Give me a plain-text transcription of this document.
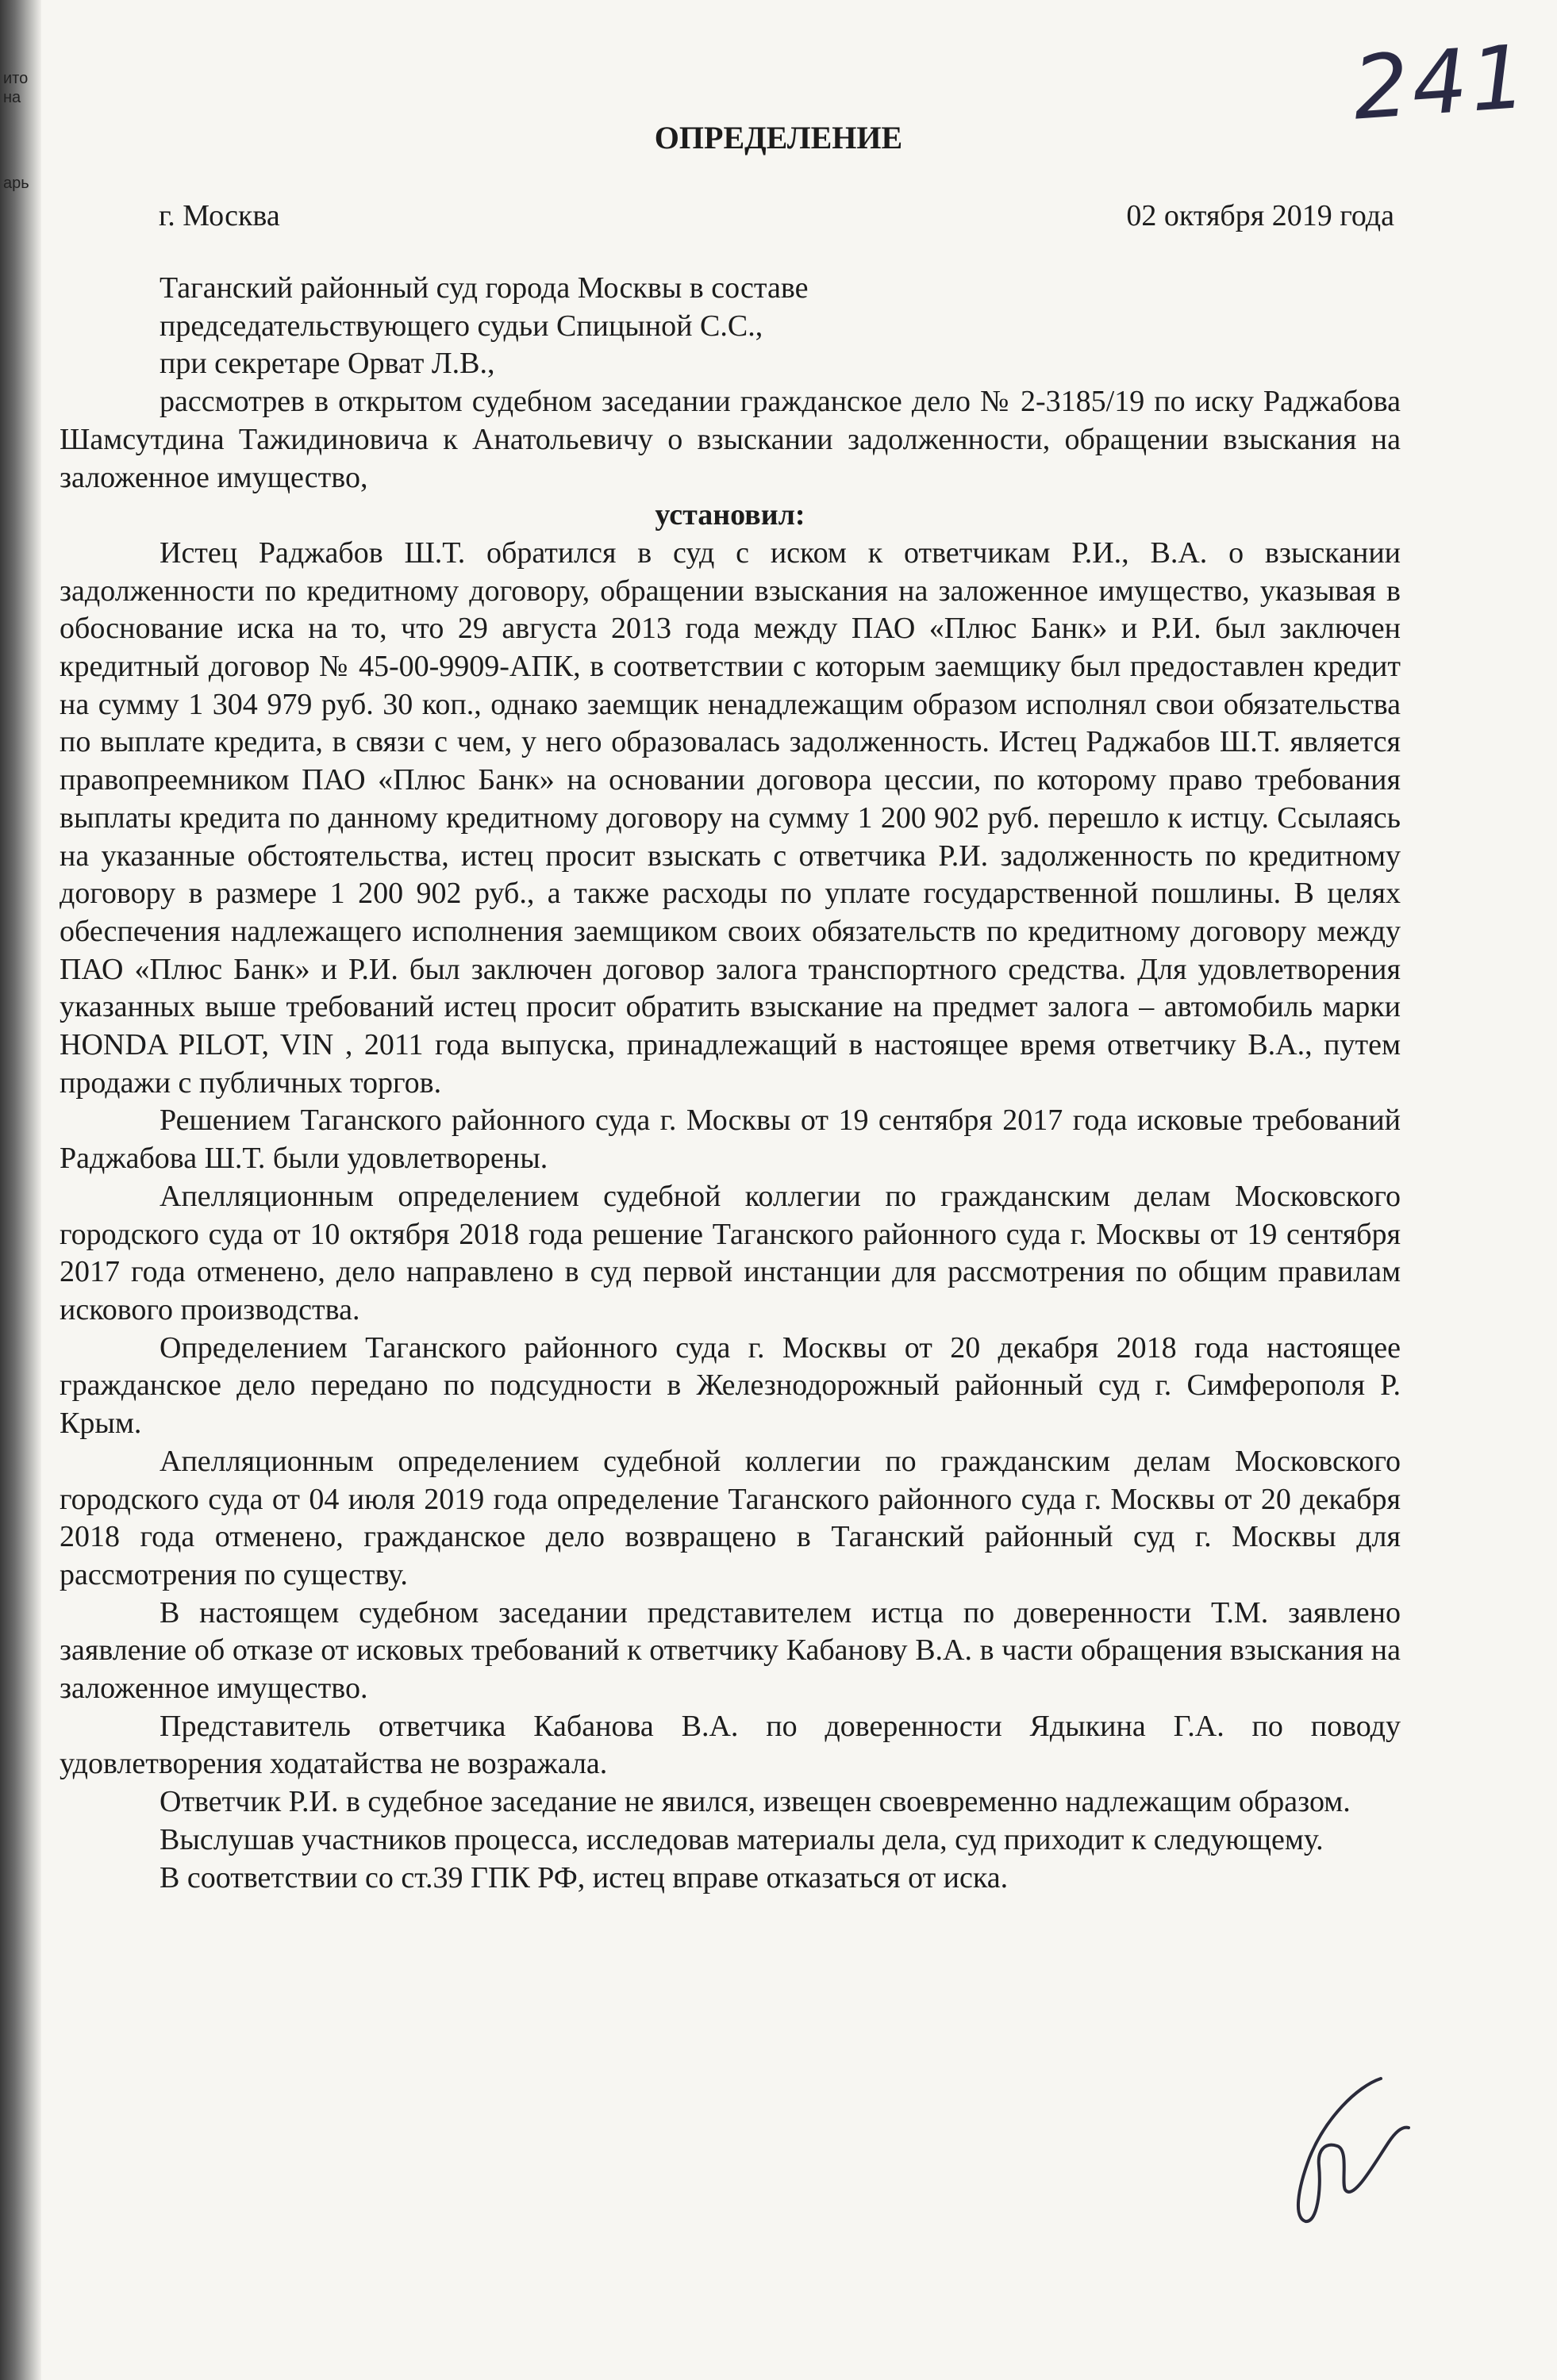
ито
на
арь
241
ОПРЕДЕЛЕНИЕ
г. Москва	02 октября 2019 года

Таганский районный суд города Москвы в составе

председательствующего судьи Спицыной С.С.,

при секретаре Орват Л.В.,

рассмотрев в открытом судебном заседании гражданское дело № 2-3185/19 по иску Раджабова Шамсутдина Тажидиновича к Анатольевичу о взыскании задолженности, обращении взыскания на заложенное имущество,

установил:

Истец Раджабов Ш.Т. обратился в суд с иском к ответчикам Р.И., В.А. о взыскании задолженности по кредитному договору, обращении взыскания на заложенное имущество, указывая в обоснование иска на то, что 29 августа 2013 года между ПАО «Плюс Банк» и Р.И. был заключен кредитный договор № 45-00-9909-АПК, в соответствии с которым заемщику был предоставлен кредит на сумму 1 304 979 руб. 30 коп., однако заемщик ненадлежащим образом исполнял свои обязательства по выплате кредита, в связи с чем, у него образовалась задолженность. Истец Раджабов Ш.Т. является правопреемником ПАО «Плюс Банк» на основании договора цессии, по которому право требования выплаты кредита по данному кредитному договору на сумму 1 200 902 руб. перешло к истцу. Ссылаясь на указанные обстоятельства, истец просит взыскать с ответчика Р.И. задолженность по кредитному договору в размере 1 200 902 руб., а также расходы по уплате государственной пошлины. В целях обеспечения надлежащего исполнения заемщиком своих обязательств по кредитному договору между ПАО «Плюс Банк» и Р.И. был заключен договор залога транспортного средства. Для удовлетворения указанных выше требований истец просит обратить взыскание на предмет залога – автомобиль марки HONDA PILOT, VIN , 2011 года выпуска, принадлежащий в настоящее время ответчику В.А., путем продажи с публичных торгов.

Решением Таганского районного суда г. Москвы от 19 сентября 2017 года исковые требований Раджабова Ш.Т. были удовлетворены.

Апелляционным определением судебной коллегии по гражданским делам Московского городского суда от 10 октября 2018 года решение Таганского районного суда г. Москвы от 19 сентября 2017 года отменено, дело направлено в суд первой инстанции для рассмотрения по общим правилам искового производства.

Определением Таганского районного суда г. Москвы от 20 декабря 2018 года настоящее гражданское дело передано по подсудности в Железнодорожный районный суд г. Симферополя Р. Крым.

Апелляционным определением судебной коллегии по гражданским делам Московского городского суда от 04 июля 2019 года определение Таганского районного суда г. Москвы от 20 декабря 2018 года отменено, гражданское дело возвращено в Таганский районный суд г. Москвы для рассмотрения по существу.

В настоящем судебном заседании представителем истца по доверенности Т.М. заявлено заявление об отказе от исковых требований к ответчику Кабанову В.А. в части обращения взыскания на заложенное имущество.

Представитель ответчика Кабанова В.А. по доверенности Ядыкина Г.А. по поводу удовлетворения ходатайства не возражала.

Ответчик Р.И. в судебное заседание не явился, извещен своевременно надлежащим образом.

Выслушав участников процесса, исследовав материалы дела, суд приходит к следующему.

В соответствии со ст.39 ГПК РФ, истец вправе отказаться от иска.
